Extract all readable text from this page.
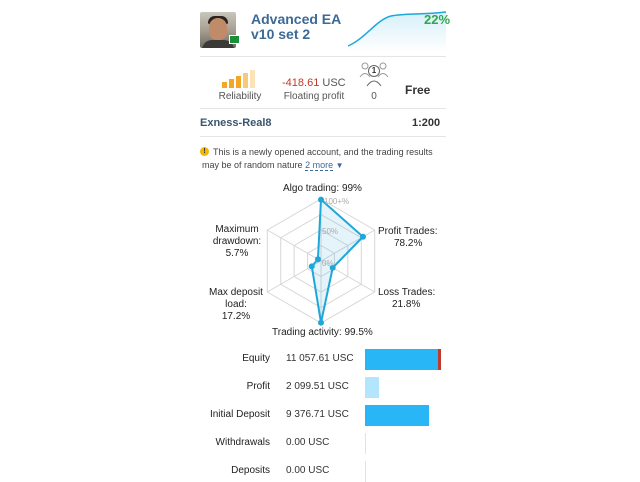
Advanced EA
v10 set 2
22%
Reliability
-418.61 USC
Floating profit
1
0	Free
Exness-Real8	1:200
! This is a newly opened account, and the trading results may be of random nature 2 more ▼
100+%
50%
0%
Algo trading: 99%
Profit Trades:
78.2%
Loss Trades:
21.8%
Trading activity: 99.5%
Max deposit load:
17.2%
Maximum drawdown:
5.7%
Equity 11 057.61 USC
Profit 2 099.51 USC
Initial Deposit 9 376.71 USC
Withdrawals 0.00 USC
Deposits 0.00 USC
